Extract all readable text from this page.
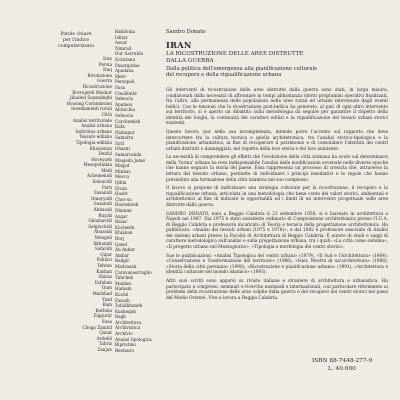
Parole chiave
per l'indice
computerizzato
Iran
Persia
Iraq
Rivoluzione
Guerra
Ricostruzione
Borrujerdi Mashur
Jihaded Sazandeghi
Housing Cornmission
Insediamenti rurali
Città
Analisi territoriale
Analisi urbana
Individuo urbano
Tessuto edilizio
Tipologia edilizia
Khuzestan
Dezful
Hoveyzeh
Mesopotamia
Medi
Achemenidi
Seleucidi
Parti
Sasanidi
Omayyadi
Sasanidi
Abbasidi
Buyidi
Ghaznavidi
Selgiuchidi
Abassidi
Mongoli
Ilkhanidi
Safavidi
Qajar
Pahlavi
Tehran
Kashan
Shiraz
Esfahan
Qum
Mashhad
Yazd
Bam
Kerbela
Ziggurat
Susa
Choga Zambil
Qanat
Ardebil
Tabriz
Zanjan
Babilonia
Ishtar
Assur
Nimrud
Dur Sarrukin
Ecbatana
Pasargadae
Apadana
Merv
Persepoli
Susa
Ctesifonte
Seleucia
Apamea
Antiochia
Seleucia
Carchemish
Kufa
Nishapur
Samarra
Sirif
Ghazni
Samarcanda
Masjeda Jame'
Maqsd
Minbar
Mecca
Qibla
Eivan
Hasht
Chor-su
Hosseinieh
Dhimmi
Azgar
Bazar
Kucheshi
Khiaban
Borj
Gawd
Ab Anbar
Ambar
Badgir
Madrasah
Caravanserraglio
Timcheh
Maidan
Hamam
Kuché
Pasazh
Tohidkhaneh
Kusheqah
Bagh
Architettura
Archivistica
Archivio
Analisi tipologica
Ripristino
Restauro
Sandro Donato
IRAN
LA RICOSTRUZIONE DELLE AREE DISTRUTTE
DALLA GUERRA
Dalla politica dell'emergenza alla pianificazione culturale
del recupero e della riqualificazione urbana

Gli interventi di ricostruzione delle aree distrutte dalla guerra sono stati, in larga misura, condizionati dalla necessità di affrontare in tempi abbastanza ridotti programmi operativi finalizzati, fra l'altro, alla permanenza delle popolazioni nelle aree rurali ed urbane interessate dagli eventi bellici. Con le tensioni che la ricostruzione post-bellica ha generato, al pari di ogni altro intervento sul territorio, si è aperto un dibattito sulla metodologia da seguire per garantire il rispetto della identità dei luoghi, la continuità dei caratteri edilizi e la riqualificazione dei tessuti urbani storici esistenti.

Questo lavoro, pur nella sua incompletezza, intende porre l'accento sul rapporto che deve intercorrere fra la cultura tecnica e quella architettonica, tra l'analisi storico-tipologica e la pianificazione urbanistica, al fine di recuperare il patrimonio e di consolidare l'identità dei centri urbani distrutti o danneggiati, nel rispetto della loro storia e del loro ambiente.

La necessità di comprendere gli effetti che l'evoluzione della città iraniana ha avuto sul determinarsi della 'forma' urbana ha reso indispensabile l'analisi delle modificazioni avvenute nelle diverse epoche che hanno segnato la storia del paese. Essa rappresenta un processo di crescita che, attraverso la lettura del tessuto urbano, permette di individuare i principi insediativi e le regole che hanno presieduto alla formazione della città islamica nel suo complesso.

Il lavoro si propone di individuare una strategia culturale per la ricostruzione, il recupero e la riqualificazione urbana, articolata in una metodologia che tiene conto dei valori storici, ambientali e architettonici al fine di indicare le opportunità ed i limiti di un intervento progettuale sulle aree distrutte dalla guerra.

SANDRO DONATO, nato a Reggio Calabria il 23 settembre 1958, si è laureato in architettura a Napoli nel 1987. Dal 1975 è stato assistente ordinario di Composizione architettonica presso l'I.U.A. di Reggio Calabria e professore incaricato di Teoria e tecnica della progettazione architettonica. Ha pubblicato: «Analisi dei tessuti urbani (1975 e 1978)», e dal 1982 è professore associato di Analisi dei sistemi urbani presso la Facoltà di Architettura di Reggio Calabria. È autore di studi e saggi di carattere metodologico sull'analisi e sulla progettazione urbana, tra i quali: «La città come sistema», «Il progetto urbano nel Mezzogiorno», «Tipologia e morfologia dei centri storici».

Sue le pubblicazioni: «Analisi Tipologica dei centri urbani» (1979), «Il Sud e l'Architettura» (1984), «Conservazione e Trasformazione del territorio» (1986), «Iran: Mostra di un'architettura» (1988), «Storia della città persiana» (1990), «Ricostruzione e pianificazione urbana» (1991), «Architettura e identità culturale nel mondo islamico» (1993).

Altri suoi scritti sono apparsi su riviste italiane e straniere di architettura e urbanistica. Ha partecipato a congressi, seminari e ricerche nazionali e internazionali, con particolare riferimento ai problemi della ricostruzione delle aree colpite dalla guerra e del recupero dei centri storici nei paesi del Medio Oriente. Vive e lavora a Reggio Calabria.

ISBN 88-7448-277-9
L. 40.000
